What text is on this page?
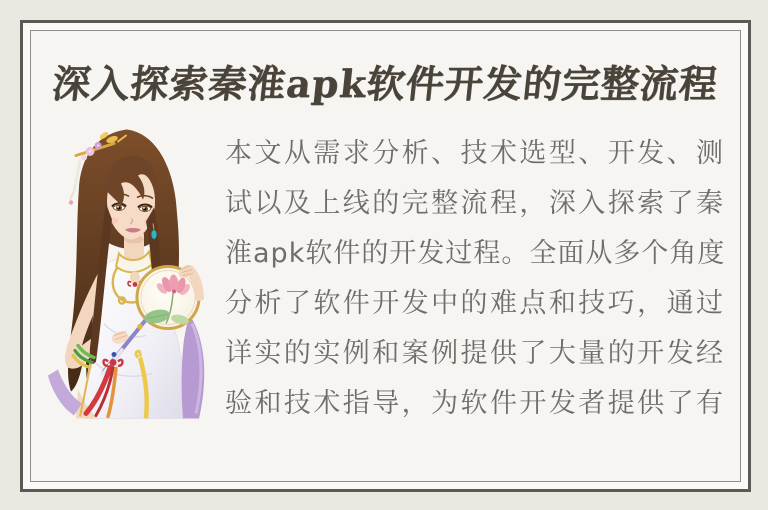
深入探索秦淮apk软件开发的完整流程
本 文 从 需 求 分 析 、 技 术 选 型 、 开 发 、 测
试 以 及 上 线 的 完 整 流 程 ， 深 入 探 索 了 秦
淮 a p k 软 件 的 开 发 过 程 。 全 面 从 多 个 角 度
分 析 了 软 件 开 发 中 的 难 点 和 技 巧 ， 通 过
详 实 的 实 例 和 案 例 提 供 了 大 量 的 开 发 经
验 和 技 术 指 导 ， 为 软 件 开 发 者 提 供 了 有
